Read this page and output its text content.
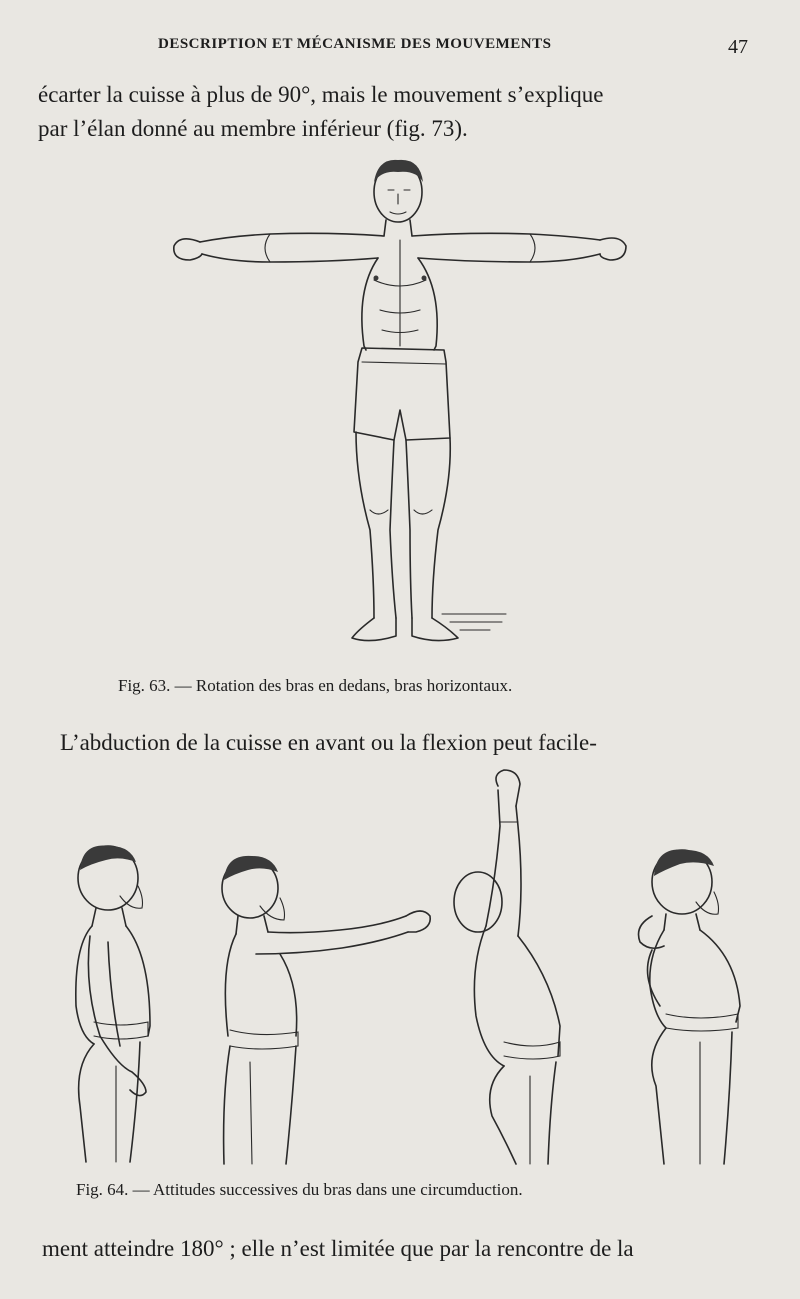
DESCRIPTION ET MÉCANISME DES MOUVEMENTS	47
écarter la cuisse à plus de 90°, mais le mouvement s’explique
par l’élan donné au membre inférieur (fig. 73).
Fig. 63. — Rotation des bras en dedans, bras horizontaux.
L’abduction de la cuisse en avant ou la flexion peut facile-
Fig. 64. — Attitudes successives du bras dans une circumduction.
ment atteindre 180° ; elle n’est limitée que par la rencontre de la
